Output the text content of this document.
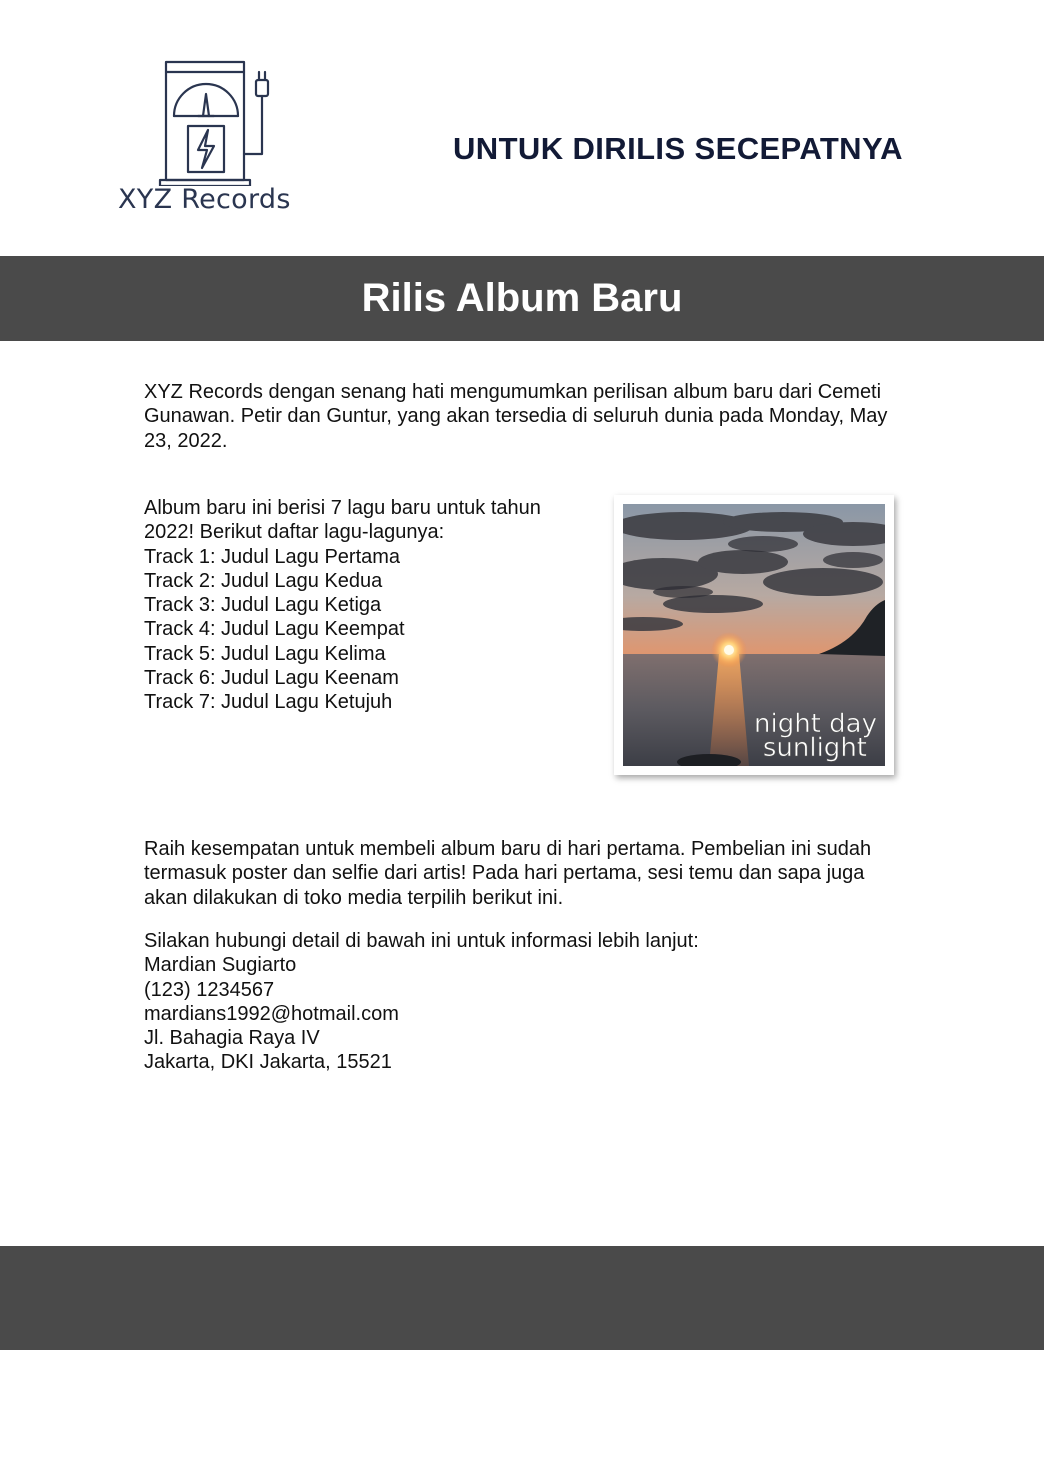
XYZ Records
UNTUK DIRILIS SECEPATNYA
Rilis Album Baru
XYZ Records dengan senang hati mengumumkan perilisan album baru dari Cemeti Gunawan. Petir dan Guntur, yang akan tersedia di seluruh dunia pada Monday, May 23, 2022.
Album baru ini berisi 7 lagu baru untuk tahun
2022! Berikut daftar lagu-lagunya:
Track 1: Judul Lagu Pertama
Track 2: Judul Lagu Kedua
Track 3: Judul Lagu Ketiga
Track 4: Judul Lagu Keempat
Track 5: Judul Lagu Kelima
Track 6: Judul Lagu Keenam
Track 7: Judul Lagu Ketujuh
night day
sunlight
Raih kesempatan untuk membeli album baru di hari pertama. Pembelian ini sudah termasuk poster dan selfie dari artis! Pada hari pertama, sesi temu dan sapa juga akan dilakukan di toko media terpilih berikut ini.
Silakan hubungi detail di bawah ini untuk informasi lebih lanjut:
Mardian Sugiarto
(123) 1234567
mardians1992@hotmail.com
Jl. Bahagia Raya IV
Jakarta, DKI Jakarta, 15521
